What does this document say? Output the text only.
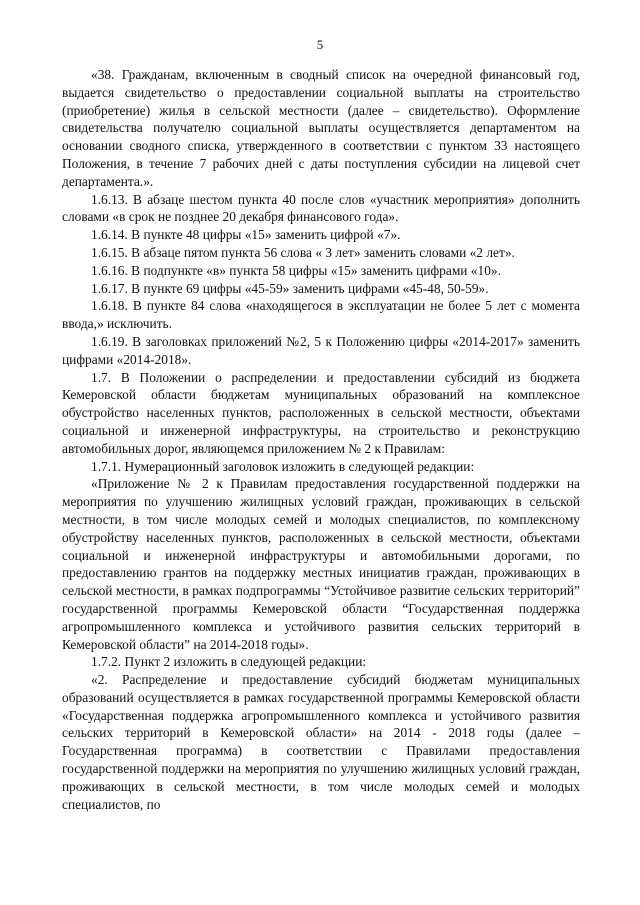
5

«38. Гражданам, включенным в сводный список на очередной финансовый год, выдается свидетельство о предоставлении социальной выплаты на строительство (приобретение) жилья в сельской местности (далее – свидетельство). Оформление свидетельства получателю социальной выплаты осуществляется департаментом на основании сводного списка, утвержденного в соответствии с пунктом 33 настоящего Положения, в течение 7 рабочих дней с даты поступления субсидии на лицевой счет департамента.».

1.6.13. В абзаце шестом пункта 40 после слов «участник мероприятия» дополнить словами «в срок не позднее 20 декабря финансового года».

1.6.14. В пункте 48 цифры «15» заменить цифрой «7».

1.6.15. В абзаце пятом пункта 56 слова « 3 лет» заменить словами «2 лет».

1.6.16. В подпункте «в» пункта 58 цифры «15» заменить цифрами «10».

1.6.17. В пункте 69 цифры «45-59» заменить цифрами «45-48, 50-59».

1.6.18. В пункте 84 слова «находящегося в эксплуатации не более 5 лет с момента ввода,» исключить.

1.6.19. В заголовках приложений №2, 5 к Положению цифры «2014-2017» заменить цифрами «2014-2018».

1.7. В Положении о распределении и предоставлении субсидий из бюджета Кемеровской области бюджетам муниципальных образований на комплексное обустройство населенных пунктов, расположенных в сельской местности, объектами социальной и инженерной инфраструктуры, на строительство и реконструкцию автомобильных дорог, являющемся приложением № 2 к Правилам:

1.7.1. Нумерационный заголовок изложить в следующей редакции:

«Приложение № 2 к Правилам предоставления государственной поддержки на мероприятия по улучшению жилищных условий граждан, проживающих в сельской местности, в том числе молодых семей и молодых специалистов, по комплексному обустройству населенных пунктов, расположенных в сельской местности, объектами социальной и инженерной инфраструктуры и автомобильными дорогами, по предоставлению грантов на поддержку местных инициатив граждан, проживающих в сельской местности, в рамках подпрограммы “Устойчивое развитие сельских территорий” государственной программы Кемеровской области “Государственная поддержка агропромышленного комплекса и устойчивого развития сельских территорий в Кемеровской области” на 2014-2018 годы».

1.7.2. Пункт 2 изложить в следующей редакции:

«2. Распределение и предоставление субсидий бюджетам муниципальных образований осуществляется в рамках государственной программы Кемеровской области «Государственная поддержка агропромышленного комплекса и устойчивого развития сельских территорий в Кемеровской области» на 2014 - 2018 годы (далее – Государственная программа) в соответствии с Правилами предоставления государственной поддержки на мероприятия по улучшению жилищных условий граждан, проживающих в сельской местности, в том числе молодых семей и молодых специалистов, по
